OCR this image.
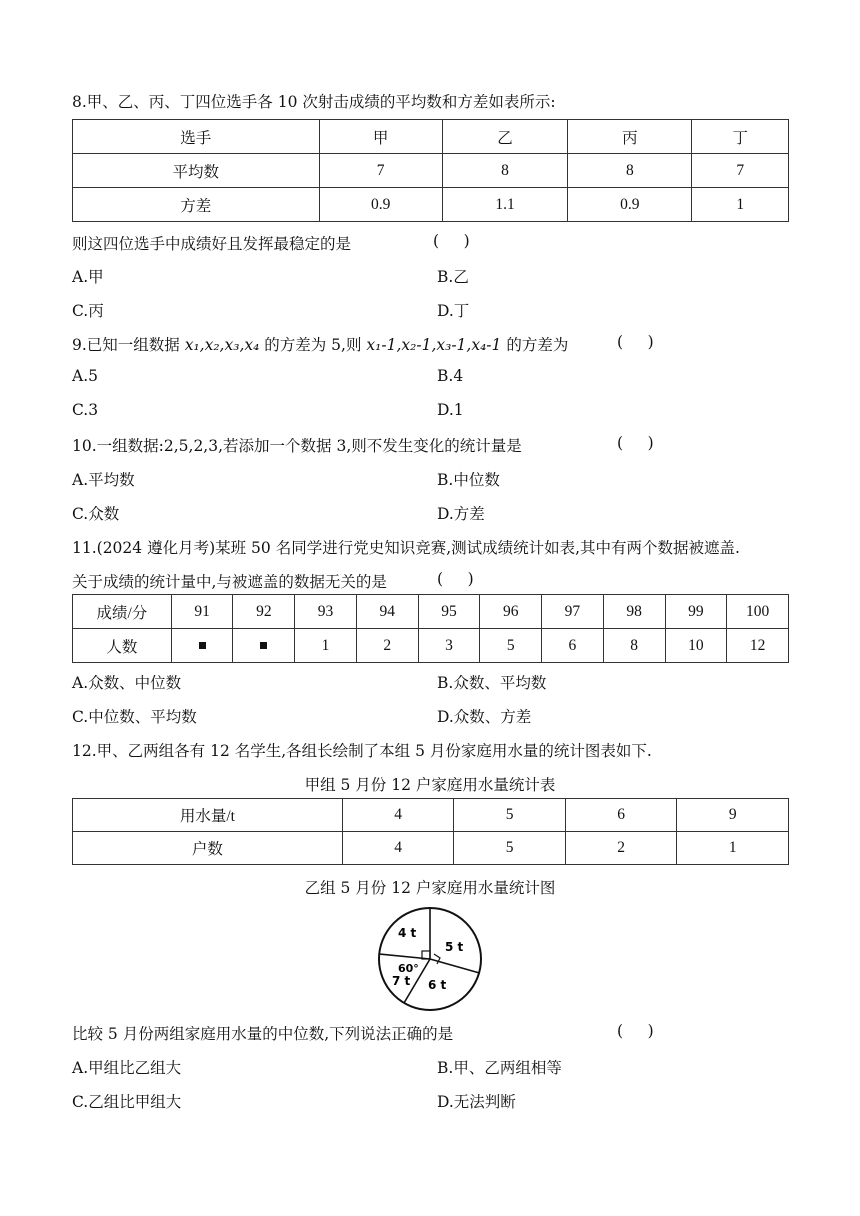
8.甲、乙、丙、丁四位选手各 10 次射击成绩的平均数和方差如表所示:
选手	甲	乙	丙	丁
平均数	7	8	8	7
方差	0.9	1.1	0.9	1
则这四位选手中成绩好且发挥最稳定的是	(     )
A.甲	B.乙
C.丙	D.丁
9.已知一组数据 x₁,x₂,x₃,x₄ 的方差为 5,则 x₁-1,x₂-1,x₃-1,x₄-1 的方差为	(     )
A.5	B.4
C.3	D.1
10.一组数据:2,5,2,3,若添加一个数据 3,则不发生变化的统计量是	(     )
A.平均数	B.中位数
C.众数	D.方差
11.(2024 遵化月考)某班 50 名同学进行党史知识竞赛,测试成绩统计如表,其中有两个数据被遮盖.
关于成绩的统计量中,与被遮盖的数据无关的是	(     )
成绩/分	91	92	93	94	95	96	97	98	99	100
人数			1	2	3	5	6	8	10	12
A.众数、中位数	B.众数、平均数
C.中位数、平均数	D.众数、方差
12.甲、乙两组各有 12 名学生,各组长绘制了本组 5 月份家庭用水量的统计图表如下.
甲组 5 月份 12 户家庭用水量统计表
用水量/t	4	5	6	9
户数	4	5	2	1
乙组 5 月份 12 户家庭用水量统计图
4 t
5 t
6 t
7 t
60°
比较 5 月份两组家庭用水量的中位数,下列说法正确的是	(     )
A.甲组比乙组大	B.甲、乙两组相等
C.乙组比甲组大	D.无法判断
